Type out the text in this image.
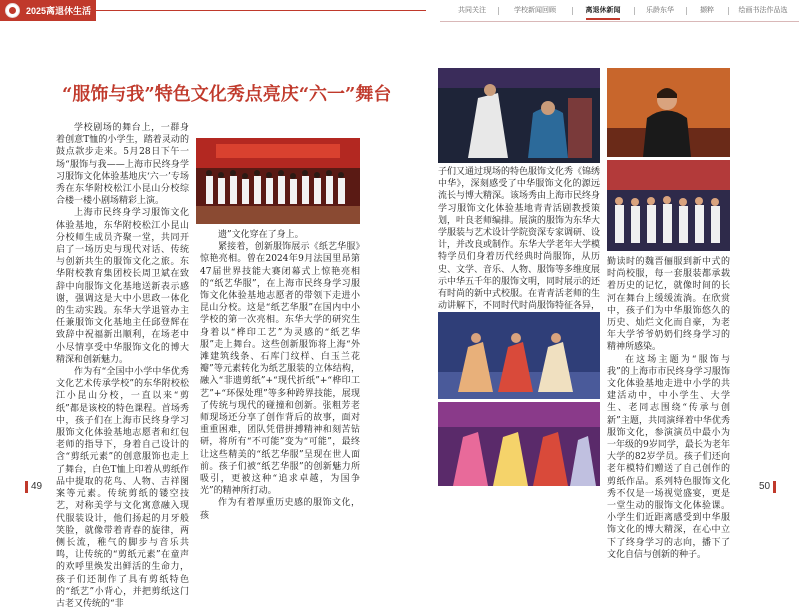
2025离退休生活	共同关注	学校新闻回顾	离退休新闻	乐龄东华	撷粹	绘画书法作品选
“服饰与我”特色文化秀点亮庆“六一”舞台

学校剧场的舞台上，一群身着创意T恤的小学生，踏着灵动的鼓点款步走来。5月28日下午一场“服饰与我——上海市民终身学习服饰文化体验基地庆‘六一’专场秀在东华附校松江小昆山分校综合楼一楼小剧场精彩上演。

上海市民终身学习服饰文化体验基地，东华附校松江小昆山分校师生成员齐聚一堂，共同开启了一场历史与现代对话、传统与创新共生的服饰文化之旅。东华附校教育集团校长周卫斌在致辞中向服饰文化基地送新表示感谢，强调这是大中小思政一体化的生动实践。东华大学退管办主任兼服饰文化基地主任邱登辉在致辞中祝福新出顺利，在场老中小尽情享受中华服饰文化的博大精深和创新魅力。

作为有“全国中小学中华优秀文化艺术传承学校”的东华附校松江小昆山分校，一直以来“剪纸”都是该校的特色课程。首场秀中，孩子们在上海市民终身学习服饰文化体验基地志愿者和红包老师的指导下，身着自己设计的含“剪纸元素”的创意服饰也走上了舞台，白色T恤上印着从剪纸作品中提取的花鸟、人物、吉祥图案等元素。传统剪纸的镂空技艺，对称美学与文化寓意融入现代服装设计，他们扬起的月牙般笑脸，就像带着青春的旋律，两侧长流，稚气的脚步与音乐共鸣，让传统的“剪纸元素”在童声的欢呼里焕发出鲜活的生命力，孩子们还制作了具有剪纸特色的“纸艺”小背心，并把剪纸这门古老又传统的“非

遗”文化穿在了身上。

紧接着，创新服饰展示《纸艺华服》惊艳亮相。曾在2024年9月法国里昂第47届世界技能大赛闭幕式上惊艳亮相的“纸艺华服”，在上海市民终身学习服饰文化体验基地志愿者的带领下走进小昆山分校。这是“纸艺华服”在国内中小学校的第一次亮相。东华大学的研究生身着以“桦印工艺”为灵感的“纸艺华服”走上舞台。这些创新服饰将上海“外滩建筑线条、石库门纹样、白玉兰花瓣”等元素转化为纸艺服装的立体结构，融入“非遗剪纸”+“现代折纸”+“桦印工艺”+“环保处理”等多种跨界技能，展现了传统与现代的碰撞和创新。张粗芳老师现场还分享了创作背后的故事，面对重重困难，团队凭借拼搏精神和刻苦钻研，将所有“不可能”变为“可能”，最终让这些精美的“纸艺华服”呈现在世人面前。孩子们被“纸艺华服”的创新魅力所吸引，更被这种“追求卓越，为国争光”的精神所打动。

作为有着厚重历史感的服饰文化，孩

子们又通过现场的特色服饰文化秀《锦绣中华》，深刻感受了中华服饰文化的源远流长与博大精深。该场秀由上海市民终身学习服饰文化体验基地青青活剧教授策划，叶良老师编排。展演的服饰为东华大学服装与艺术设计学院资深专家调研、设计，并改良或制作。东华大学老年大学模特学员们身着历代经典时尚服饰，从历史、文学、音乐、人物、服饰等多维度展示中华五千年的服饰文明，同时展示的还有时尚的新中式校服。在青青活老师的生动讲解下，不同时代时尚服饰特征各异，

勤读时的魏晋俪服到新中式的时尚校服，每一套服装都承载着历史的记忆，就像时间的长河在舞台上缓缓流淌。在欣赏中，孩子们为中华服饰悠久的历史、灿烂文化而自豪，为老年大学爷爷奶奶们终身学习的精神所感染。

在这场主题为“服饰与我”的上海市市民终身学习服饰文化体验基地走进中小学的共建活动中，中小学生、大学生、老同志围绕“传承与创新”主题，共同演绎着中华优秀服饰文化，参演演员中最小为一年级的9岁同学，最长为老年大学的82岁学员。孩子们还向老年模特们赠送了自己创作的剪纸作品。系列特色服饰文化秀不仅是一场视觉盛宴，更是一堂生动的服饰文化体验课。小学生们近距离感受到中华服饰文化的博大精深，在心中立下了终身学习的志向，播下了文化自信与创新的种子。

49	50
